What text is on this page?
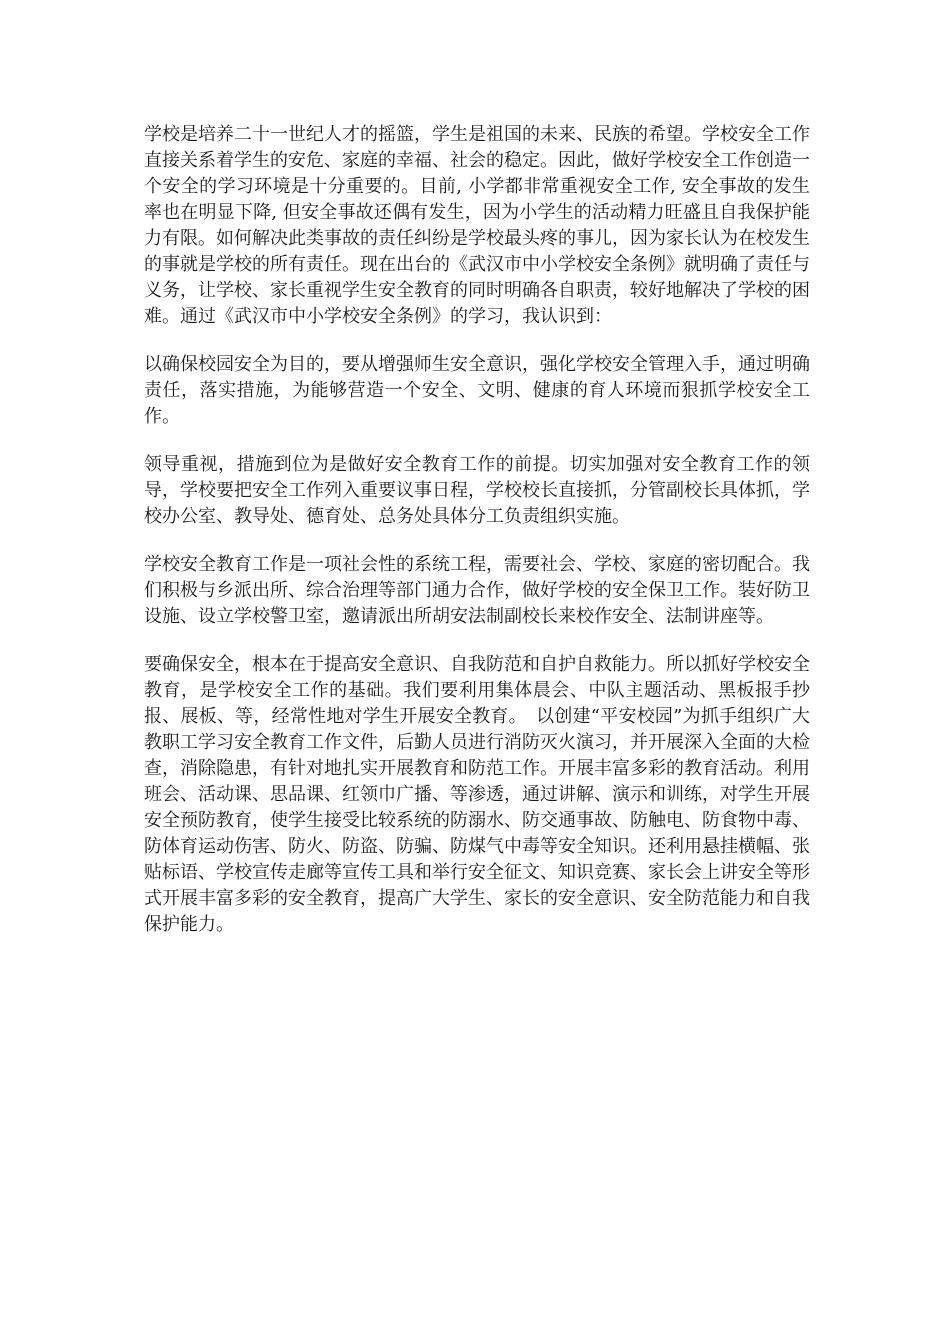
学校是培养二十一世纪人才的摇篮，学生是祖国的未来、民族的希望。学校安全工作直接关系着学生的安危、家庭的幸福、社会的稳定。因此，做好学校安全工作创造一个安全的学习环境是十分重要的。目前, 小学都非常重视安全工作, 安全事故的发生率也在明显下降, 但安全事故还偶有发生，因为小学生的活动精力旺盛且自我保护能力有限。如何解决此类事故的责任纠纷是学校最头疼的事儿，因为家长认为在校发生的事就是学校的所有责任。现在出台的《武汉市中小学校安全条例》就明确了责任与义务，让学校、家长重视学生安全教育的同时明确各自职责，较好地解决了学校的困难。通过《武汉市中小学校安全条例》的学习，我认识到：

以确保校园安全为目的，要从增强师生安全意识，强化学校安全管理入手，通过明确责任，落实措施，为能够营造一个安全、文明、健康的育人环境而狠抓学校安全工作。

领导重视，措施到位为是做好安全教育工作的前提。切实加强对安全教育工作的领导，学校要把安全工作列入重要议事日程，学校校长直接抓，分管副校长具体抓，学校办公室、教导处、德育处、总务处具体分工负责组织实施。

学校安全教育工作是一项社会性的系统工程，需要社会、学校、家庭的密切配合。我们积极与乡派出所、综合治理等部门通力合作，做好学校的安全保卫工作。装好防卫设施、设立学校警卫室，邀请派出所胡安法制副校长来校作安全、法制讲座等。

要确保安全，根本在于提高安全意识、自我防范和自护自救能力。所以抓好学校安全教育，是学校安全工作的基础。我们要利用集体晨会、中队主题活动、黑板报手抄报、展板、等，经常性地对学生开展安全教育。　以创建“平安校园”为抓手组织广大教职工学习安全教育工作文件，后勤人员进行消防灭火演习，并开展深入全面的大检查，消除隐患，有针对地扎实开展教育和防范工作。开展丰富多彩的教育活动。利用班会、活动课、思品课、红领巾广播、等渗透，通过讲解、演示和训练，对学生开展安全预防教育，使学生接受比较系统的防溺水、防交通事故、防触电、防食物中毒、防体育运动伤害、防火、防盗、防骗、防煤气中毒等安全知识。还利用悬挂横幅、张贴标语、学校宣传走廊等宣传工具和举行安全征文、知识竞赛、家长会上讲安全等形式开展丰富多彩的安全教育，提高广大学生、家长的安全意识、安全防范能力和自我保护能力。
